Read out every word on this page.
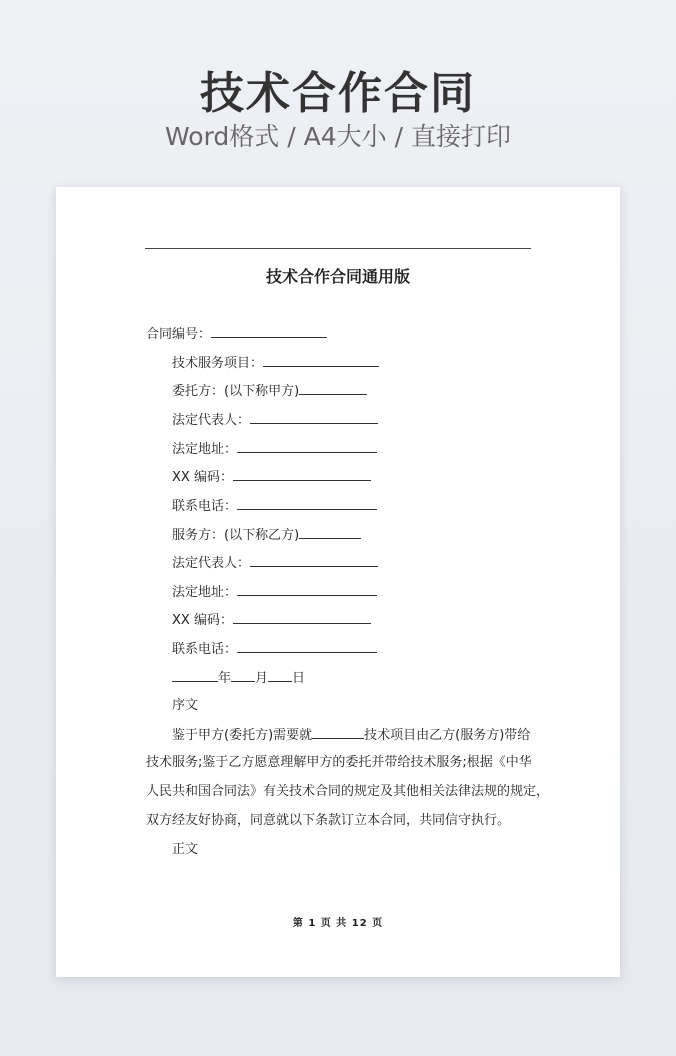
技术合作合同
Word格式 / A4大小 / 直接打印
技术合作合同通用版
合同编号：
技术服务项目：
委托方：(以下称甲方)
法定代表人：
法定地址：
XX 编码：
联系电话：
服务方：(以下称乙方)
法定代表人：
法定地址：
XX 编码：
联系电话：
年 月 日
序文
鉴于甲方(委托方)需要就	技术项目由乙方(服务方)带给
技术服务;鉴于乙方愿意理解甲方的委托并带给技术服务;根据《中华
人民共和国合同法》有关技术合同的规定及其他相关法律法规的规定，
双方经友好协商，同意就以下条款订立本合同，共同信守执行。
正文
第 1 页 共 12 页
